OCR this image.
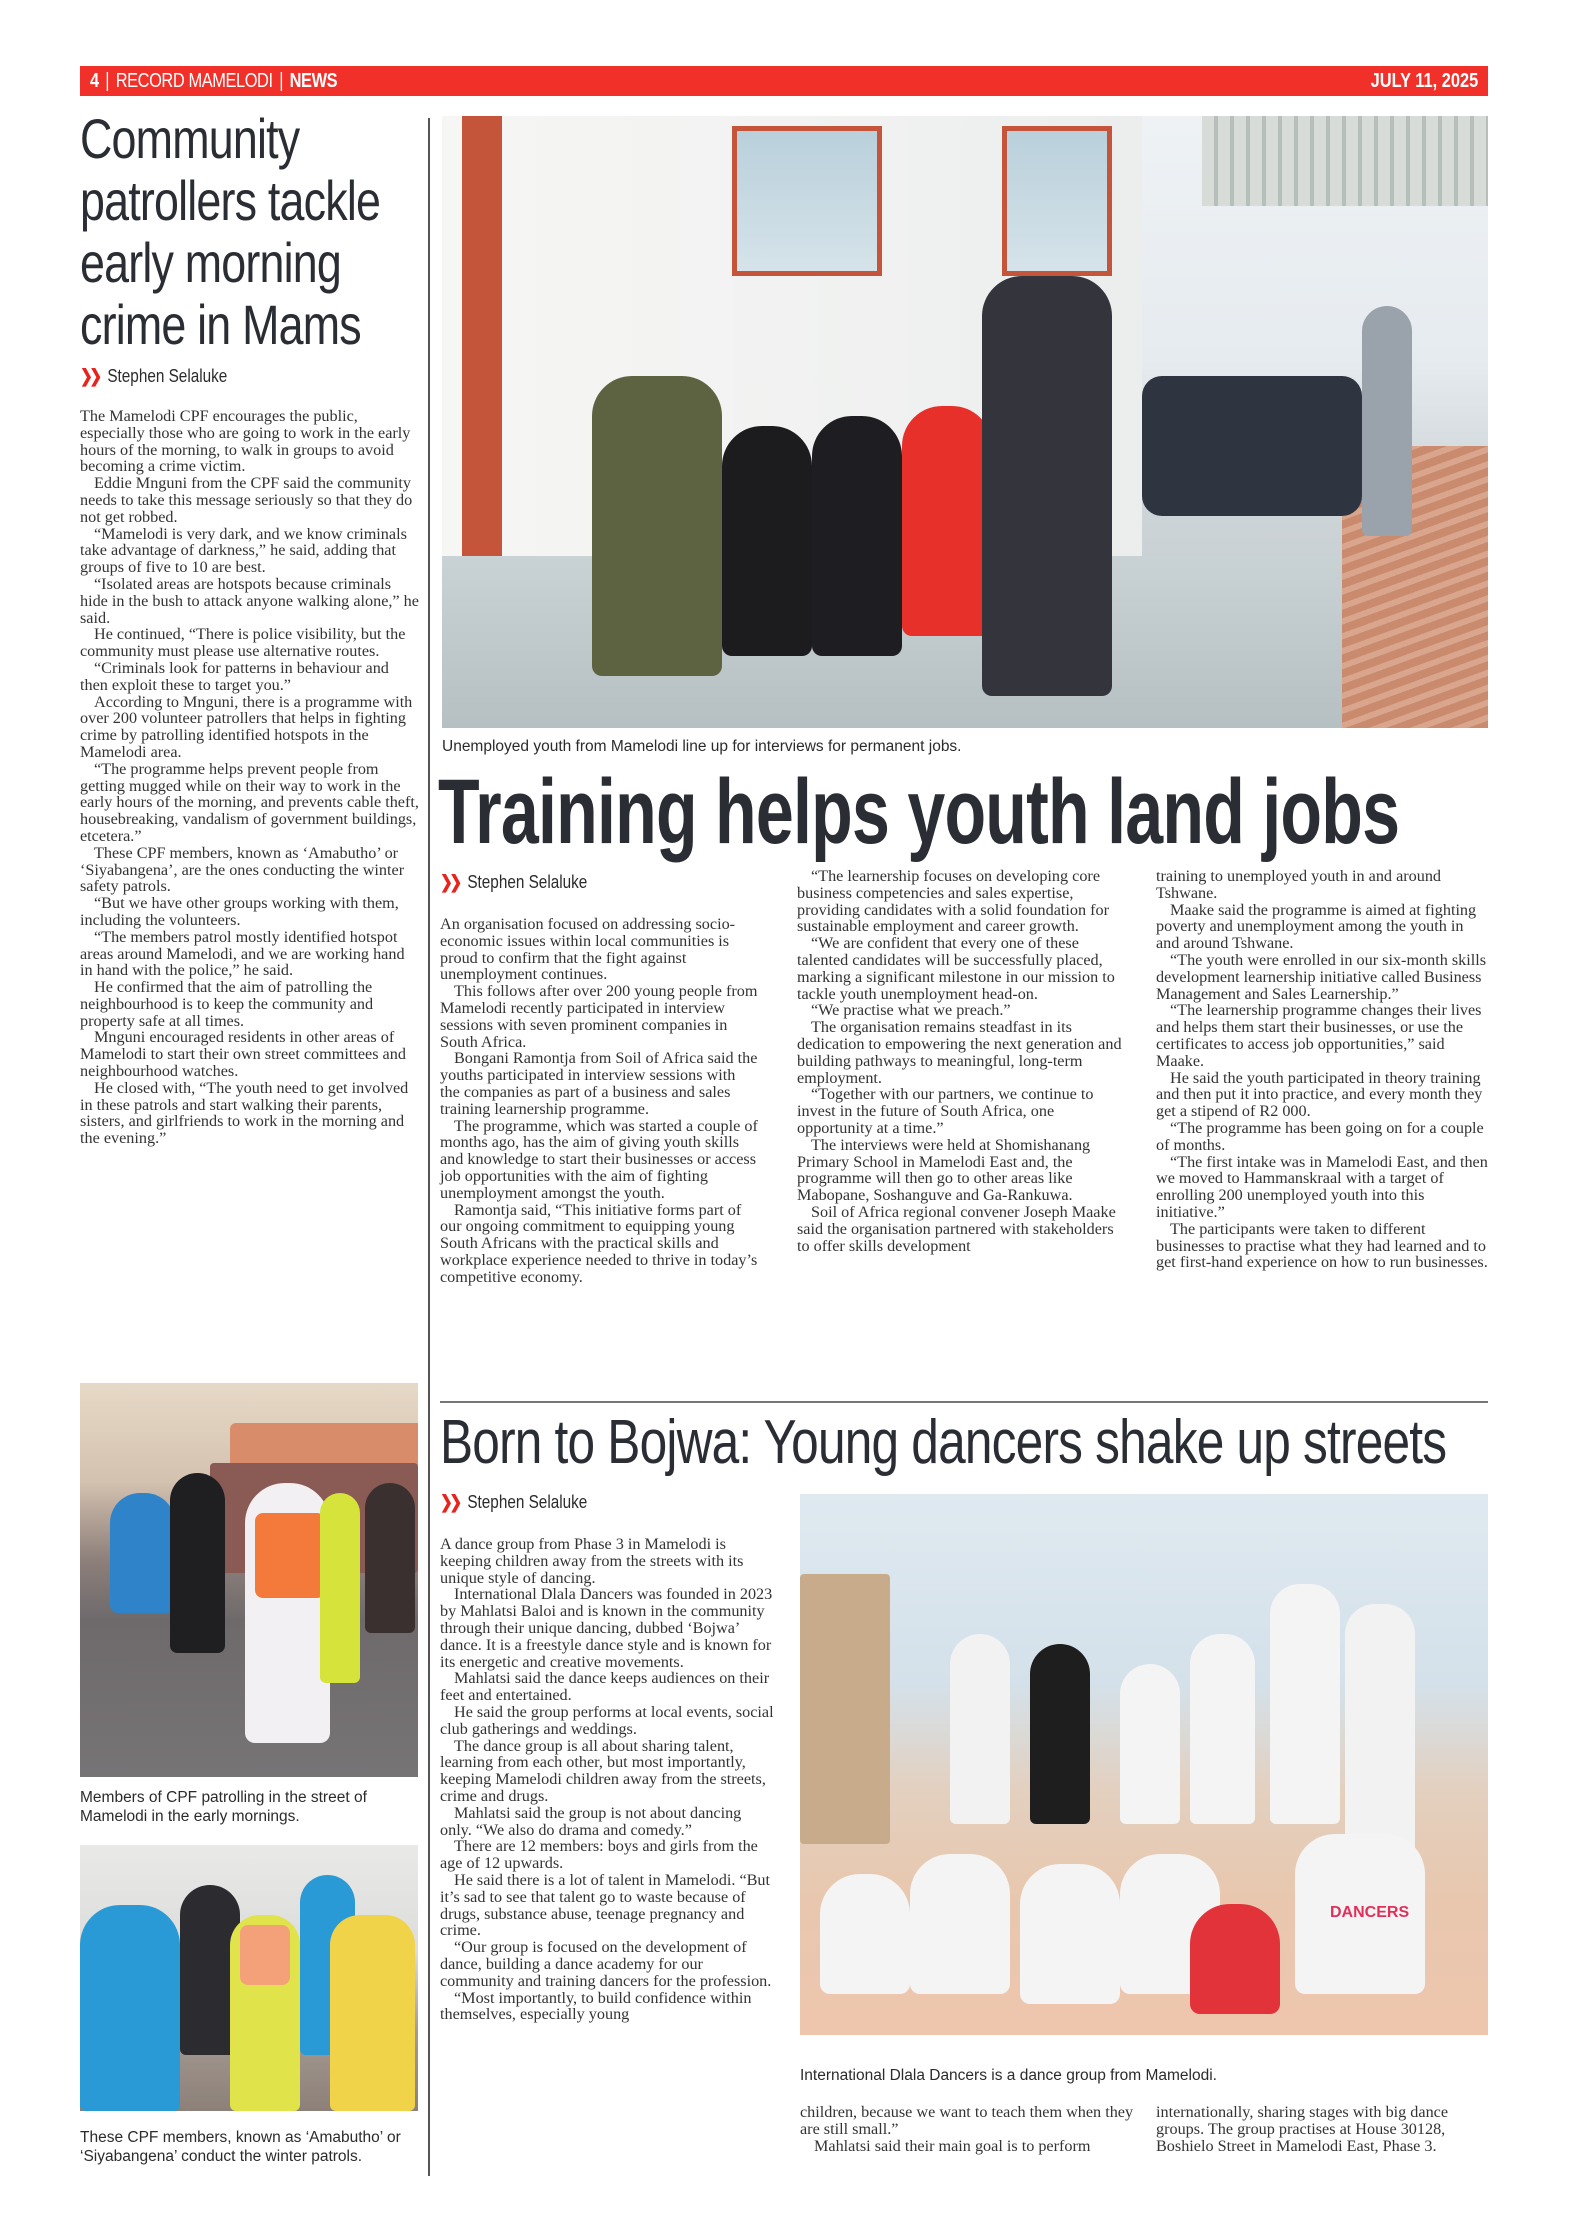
4 | RECORD MAMELODI | NEWS	JULY 11, 2025
Community patrollers tackle early morning crime in Mams
❯❯ Stephen Selaluke

The Mamelodi CPF encourages the public, especially those who are going to work in the early hours of the morning, to walk in groups to avoid becoming a crime victim.

Eddie Mnguni from the CPF said the community needs to take this message seriously so that they do not get robbed.

“Mamelodi is very dark, and we know criminals take advantage of darkness,” he said, adding that groups of five to 10 are best.

“Isolated areas are hotspots because criminals hide in the bush to attack anyone walking alone,” he said.

He continued, “There is police visibility, but the community must please use alternative routes.

“Criminals look for patterns in behaviour and then exploit these to target you.”

According to Mnguni, there is a programme with over 200 volunteer patrollers that helps in fighting crime by patrolling identified hotspots in the Mamelodi area.

“The programme helps prevent people from getting mugged while on their way to work in the early hours of the morning, and prevents cable theft, housebreaking, vandalism of government buildings, etcetera.”

These CPF members, known as ‘Amabutho’ or ‘Siyabangena’, are the ones conducting the winter safety patrols.

“But we have other groups working with them, including the volunteers.

“The members patrol mostly identified hotspot areas around Mamelodi, and we are working hand in hand with the police,” he said.

He confirmed that the aim of patrolling the neighbourhood is to keep the community and property safe at all times.

Mnguni encouraged residents in other areas of Mamelodi to start their own street committees and neighbourhood watches.

He closed with, “The youth need to get involved in these patrols and start walking their parents, sisters, and girlfriends to work in the morning and the evening.”

Members of CPF patrolling in the street of Mamelodi in the early mornings.
These CPF members, known as ‘Amabutho’ or ‘Siyabangena’ conduct the winter patrols.
Unemployed youth from Mamelodi line up for interviews for permanent jobs.
Training helps youth land jobs
❯❯ Stephen Selaluke

An organisation focused on addressing socio-economic issues within local communities is proud to confirm that the fight against unemployment continues.

This follows after over 200 young people from Mamelodi recently participated in interview sessions with seven prominent companies in South Africa.

Bongani Ramontja from Soil of Africa said the youths participated in interview sessions with the companies as part of a business and sales training learnership programme.

The programme, which was started a couple of months ago, has the aim of giving youth skills and knowledge to start their businesses or access job opportunities with the aim of fighting unemployment amongst the youth.

Ramontja said, “This initiative forms part of our ongoing commitment to equipping young South Africans with the practical skills and workplace experience needed to thrive in today’s competitive economy.

“The learnership focuses on developing core business competencies and sales expertise, providing candidates with a solid foundation for sustainable employment and career growth.

“We are confident that every one of these talented candidates will be successfully placed, marking a significant milestone in our mission to tackle youth unemployment head-on.

“We practise what we preach.”

The organisation remains steadfast in its dedication to empowering the next generation and building pathways to meaningful, long-term employment.

“Together with our partners, we continue to invest in the future of South Africa, one opportunity at a time.”

The interviews were held at Shomishanang Primary School in Mamelodi East and, the programme will then go to other areas like Mabopane, Soshanguve and Ga-Rankuwa.

Soil of Africa regional convener Joseph Maake said the organisation partnered with stakeholders to offer skills development

training to unemployed youth in and around Tshwane.

Maake said the programme is aimed at fighting poverty and unemployment among the youth in and around Tshwane.

“The youth were enrolled in our six-month skills development learnership initiative called Business Management and Sales Learnership.”

“The learnership programme changes their lives and helps them start their businesses, or use the certificates to access job opportunities,” said Maake.

He said the youth participated in theory training and then put it into practice, and every month they get a stipend of R2 000.

“The programme has been going on for a couple of months.

“The first intake was in Mamelodi East, and then we moved to Hammanskraal with a target of enrolling 200 unemployed youth into this initiative.”

The participants were taken to different businesses to practise what they had learned and to get first-hand experience on how to run businesses.

Born to Bojwa: Young dancers shake up streets
❯❯ Stephen Selaluke

A dance group from Phase 3 in Mamelodi is keeping children away from the streets with its unique style of dancing.

International Dlala Dancers was founded in 2023 by Mahlatsi Baloi and is known in the community through their unique dancing, dubbed ‘Bojwa’ dance. It is a freestyle dance style and is known for its energetic and creative movements.

Mahlatsi said the dance keeps audiences on their feet and entertained.

He said the group performs at local events, social club gatherings and weddings.

The dance group is all about sharing talent, learning from each other, but most importantly, keeping Mamelodi children away from the streets, crime and drugs.

Mahlatsi said the group is not about dancing only. “We also do drama and comedy.”

There are 12 members: boys and girls from the age of 12 upwards.

He said there is a lot of talent in Mamelodi. “But it’s sad to see that talent go to waste because of drugs, substance abuse, teenage pregnancy and crime.

“Our group is focused on the development of dance, building a dance academy for our community and training dancers for the profession.

“Most importantly, to build confidence within themselves, especially young

DANCERS
International Dlala Dancers is a dance group from Mamelodi.

children, because we want to teach them when they are still small.”

Mahlatsi said their main goal is to perform

internationally, sharing stages with big dance groups. The group practises at House 30128, Boshielo Street in Mamelodi East, Phase 3.
